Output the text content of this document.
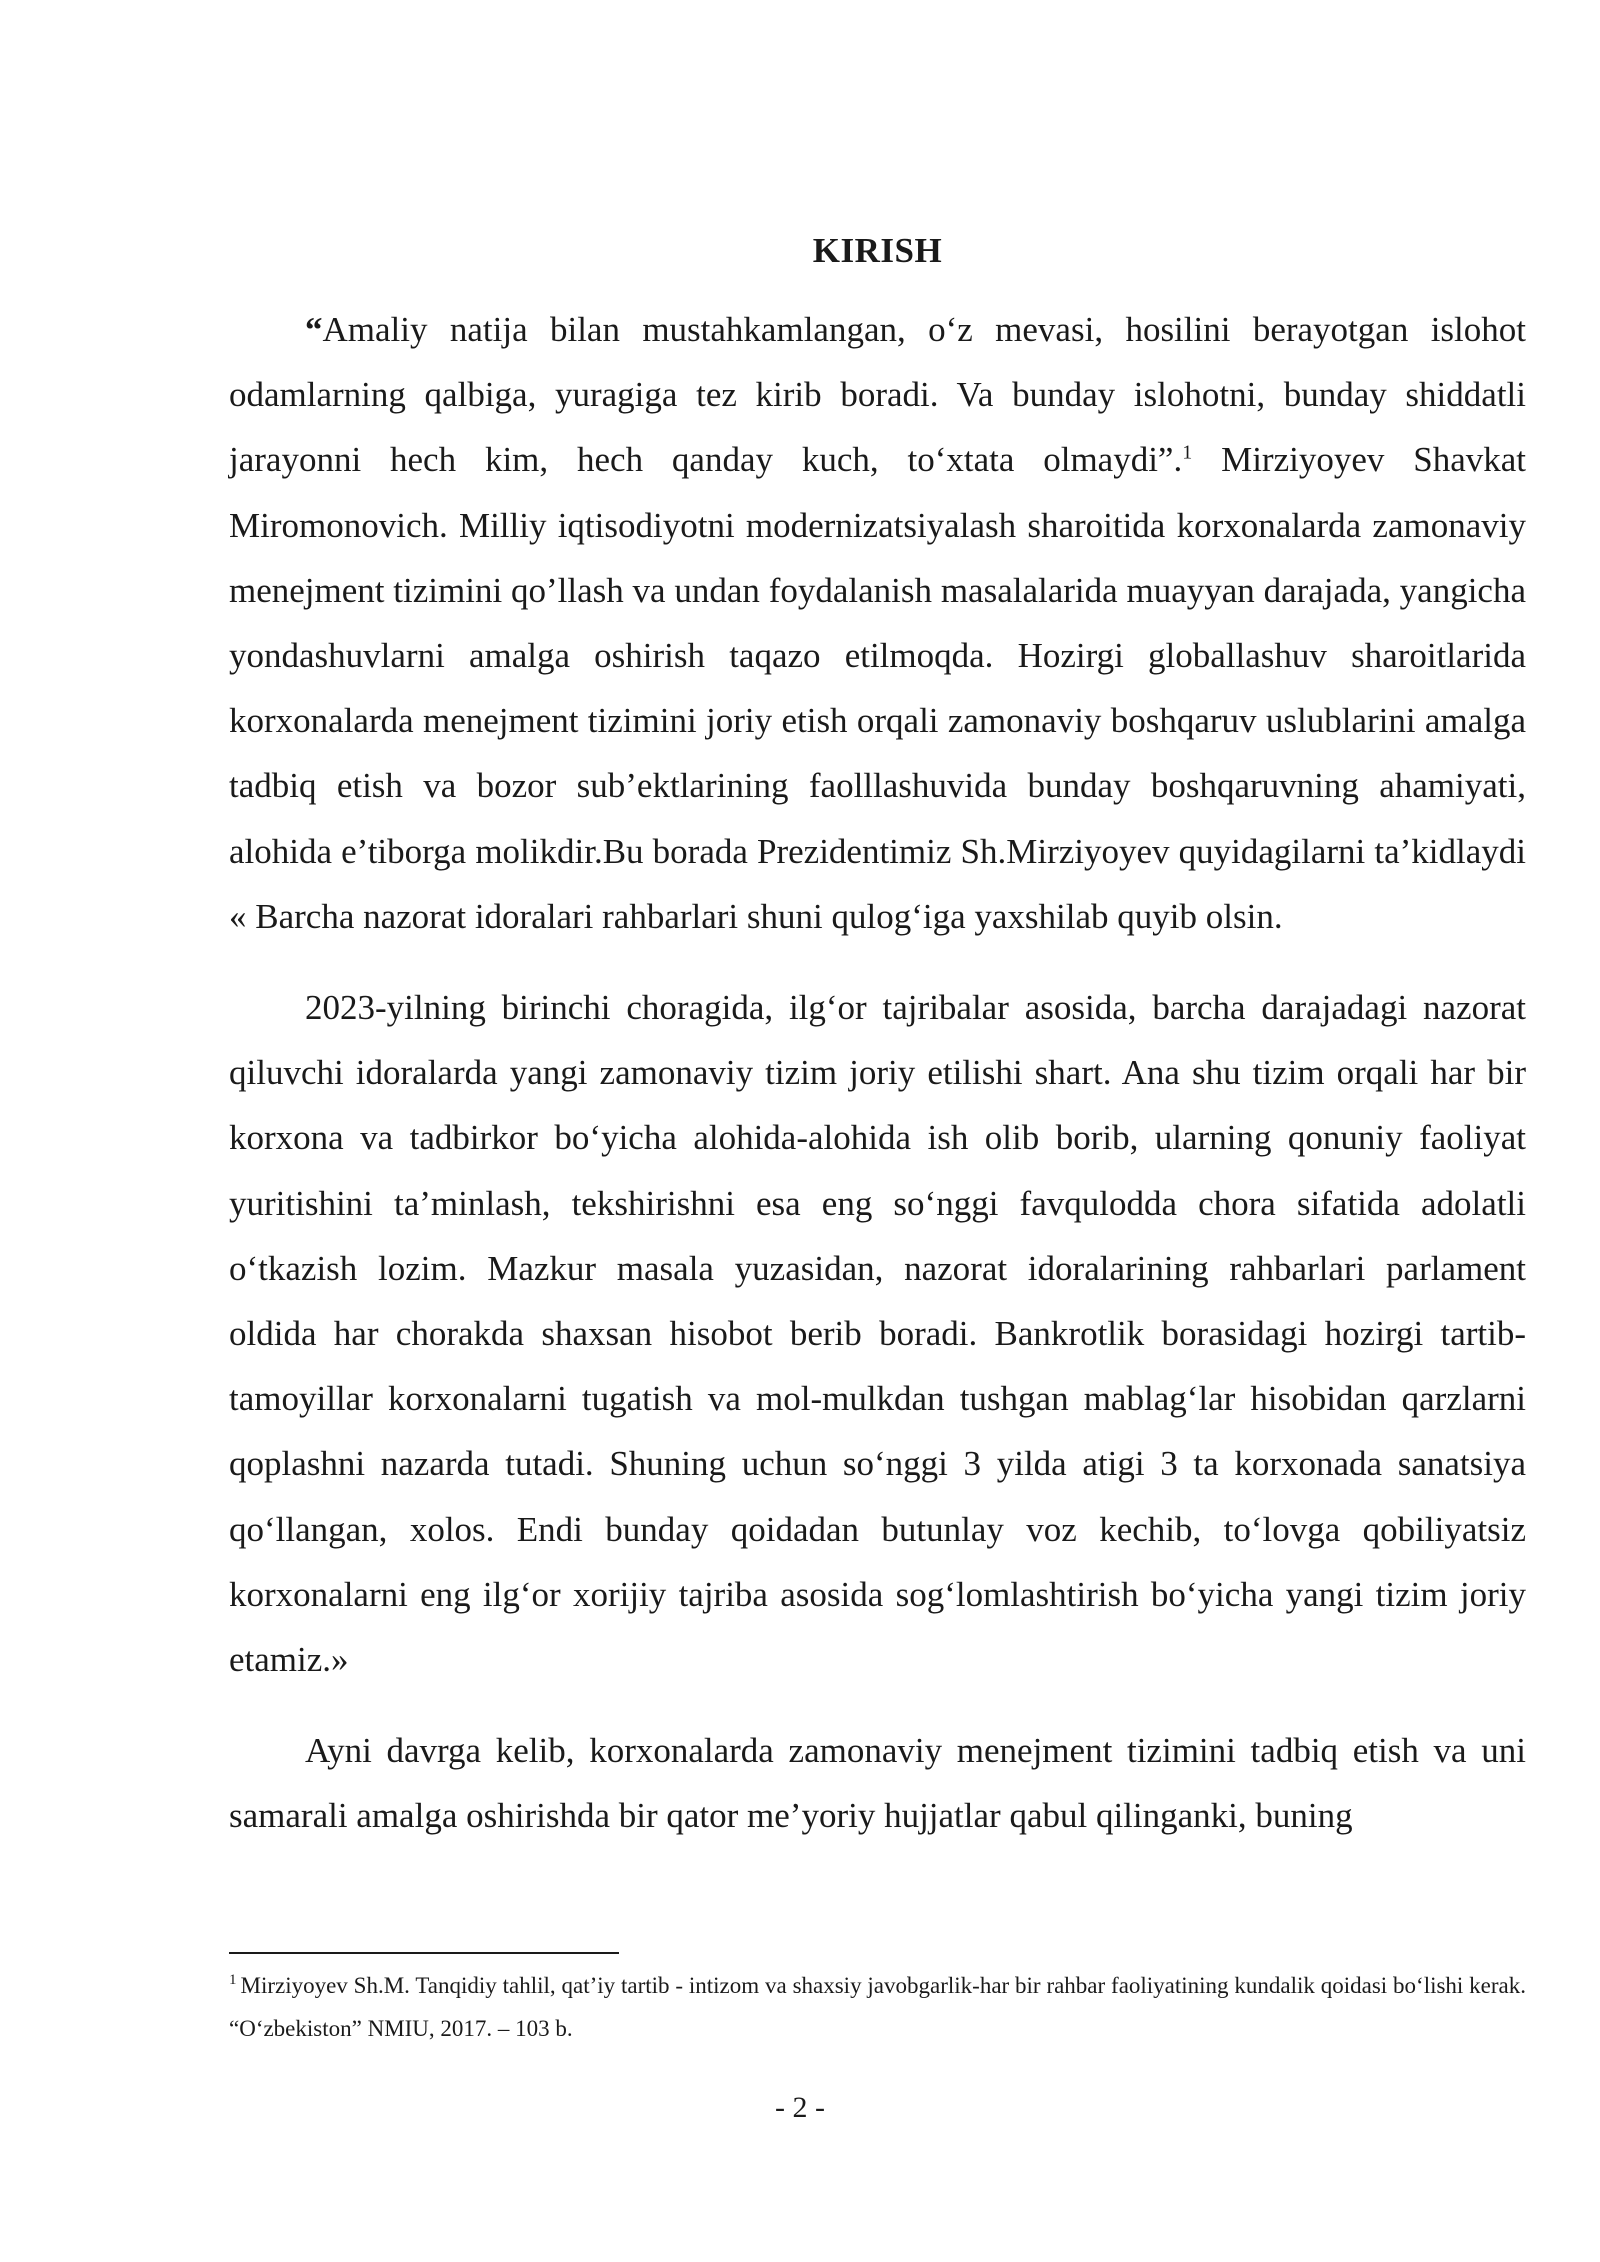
KIRISH

“Amaliy natija bilan mustahkamlangan, o‘z mevasi, hosilini berayotgan islohot odamlarning qalbiga, yuragiga tez kirib boradi. Va bunday islohotni, bunday shiddatli jarayonni hech kim, hech qanday kuch, to‘xtata olmaydi”.$^1$ Mirziyoyev Shavkat Miromonovich. Milliy iqtisodiyotni modernizatsiyalash sharoitida korxonalarda zamonaviy menejment tizimini qo’llash va undan foydalanish masalalarida muayyan darajada, yangicha yondashuvlarni amalga oshirish taqazo etilmoqda. Hozirgi globallashuv sharoitlarida korxonalarda menejment tizimini joriy etish orqali zamonaviy boshqaruv uslublarini amalga tadbiq etish va bozor sub’ektlarining faolllashuvida bunday boshqaruvning ahamiyati, alohida e’tiborga molikdir.Bu borada Prezidentimiz Sh.Mirziyoyev quyidagilarni ta’kidlaydi « Barcha nazorat idoralari rahbarlari shuni qulog‘iga yaxshilab quyib olsin.

2023-yilning birinchi choragida, ilg‘or tajribalar asosida, barcha darajadagi nazorat qiluvchi idoralarda yangi zamonaviy tizim joriy etilishi shart. Ana shu tizim orqali har bir korxona va tadbirkor bo‘yicha alohida-alohida ish olib borib, ularning qonuniy faoliyat yuritishini ta’minlash, tekshirishni esa eng so‘nggi favqulodda chora sifatida adolatli o‘tkazish lozim. Mazkur masala yuzasidan, nazorat idoralarining rahbarlari parlament oldida har chorakda shaxsan hisobot berib boradi. Bankrotlik borasidagi hozirgi tartib-tamoyillar korxonalarni tugatish va mol-mulkdan tushgan mablag‘lar hisobidan qarzlarni qoplashni nazarda tutadi. Shuning uchun so‘nggi 3 yilda atigi 3 ta korxonada sanatsiya qo‘llangan, xolos. Endi bunday qoidadan butunlay voz kechib, to‘lovga qobiliyatsiz korxonalarni eng ilg‘or xorijiy tajriba asosida sog‘lomlashtirish bo‘yicha yangi tizim joriy etamiz.»

Ayni davrga kelib, korxonalarda zamonaviy menejment tizimini tadbiq etish va uni samarali amalga oshirishda bir qator me’yoriy hujjatlar qabul qilinganki, buning

$^1$ Mirziyoyev Sh.M. Tanqidiy tahlil, qat’iy tartib - intizom va shaxsiy javobgarlik-har bir rahbar faoliyatining kundalik qoidasi bo‘lishi kerak. “O‘zbekiston” NMIU, 2017. – 103 b.

- 2 -
